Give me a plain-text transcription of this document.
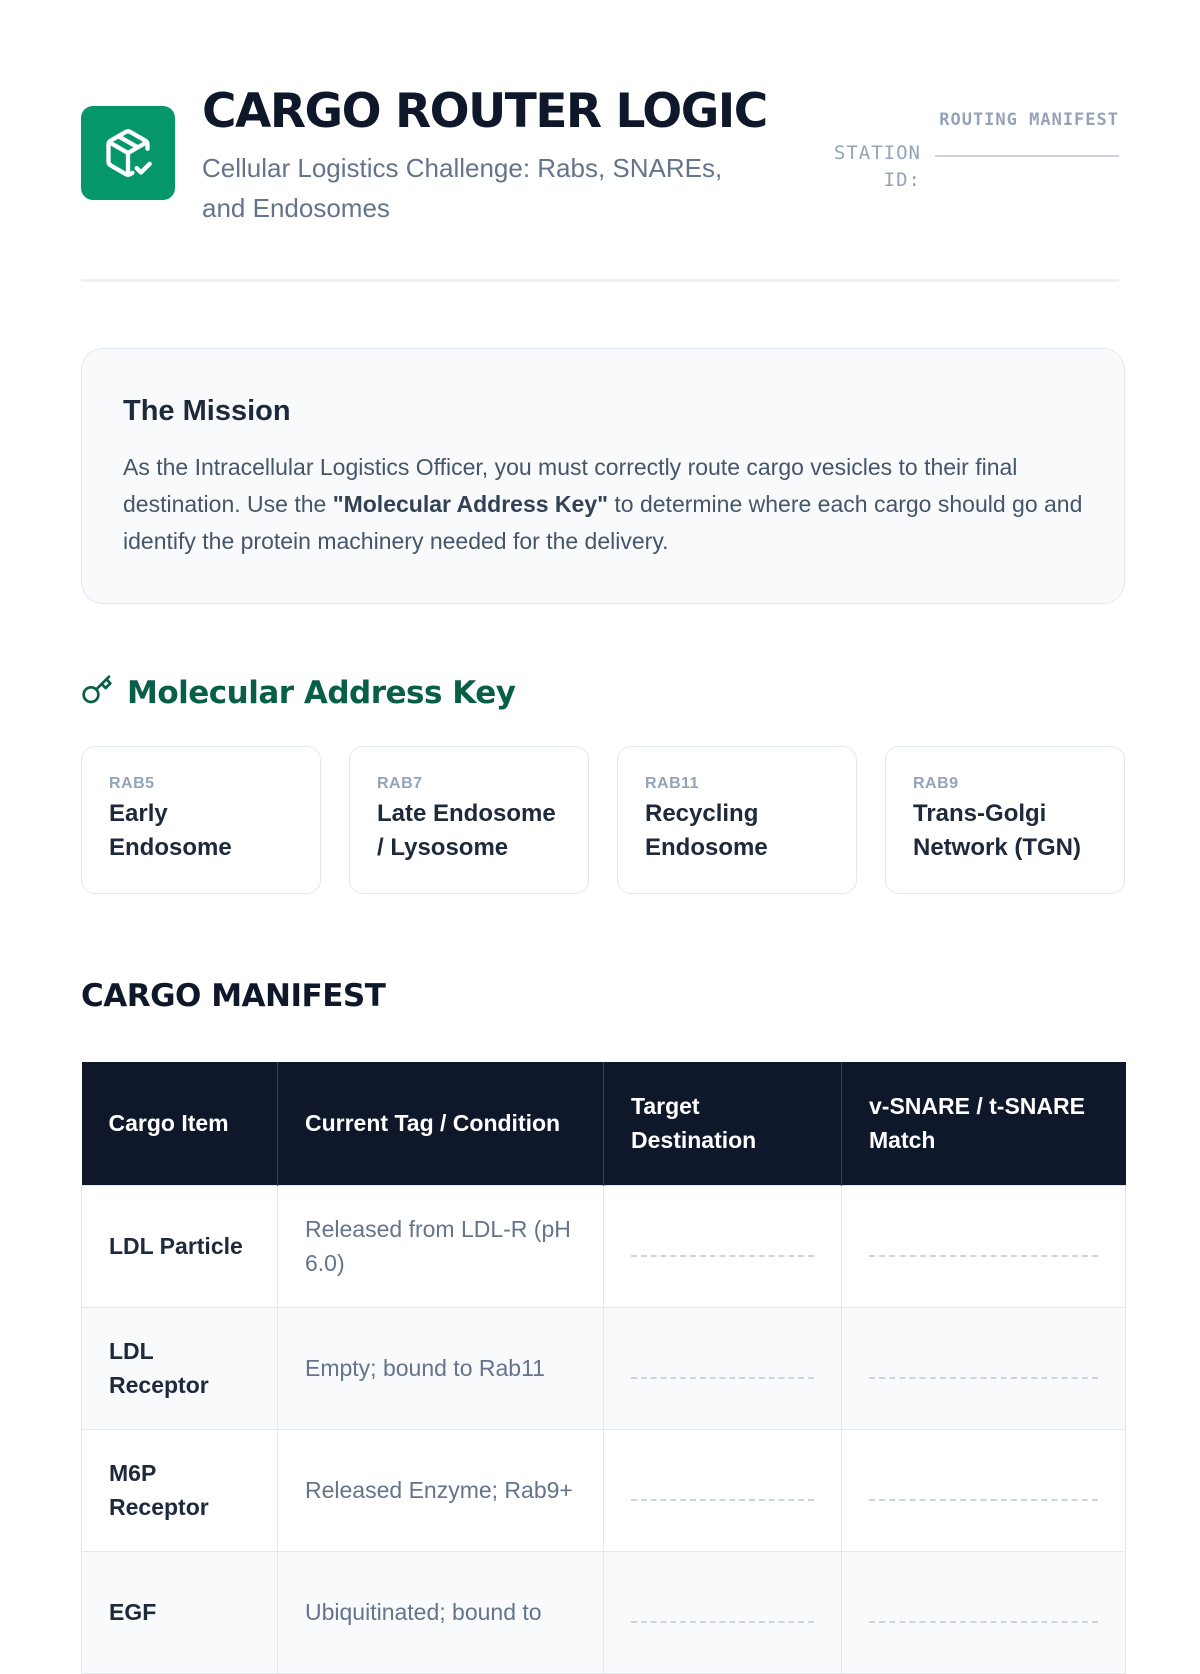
CARGO ROUTER LOGIC
Cellular Logistics Challenge: Rabs, SNAREs, and Endosomes
ROUTING MANIFEST
STATION ID:
The Mission

As the Intracellular Logistics Officer, you must correctly route cargo vesicles to their final destination. Use the "Molecular Address Key" to determine where each cargo should go and identify the protein machinery needed for the delivery.

Molecular Address Key
RAB5
Early Endosome
RAB7
Late Endosome / Lysosome
RAB11
Recycling Endosome
RAB9
Trans-Golgi Network (TGN)
CARGO MANIFEST
Cargo Item	Current Tag / Condition	Target Destination	v-SNARE / t-SNARE Match
LDL Particle	Released from LDL-R (pH 6.0)	

LDL Receptor	Empty; bound to Rab11	

M6P Receptor	Released Enzyme; Rab9+	

EGF	Ubiquitinated; bound to	
